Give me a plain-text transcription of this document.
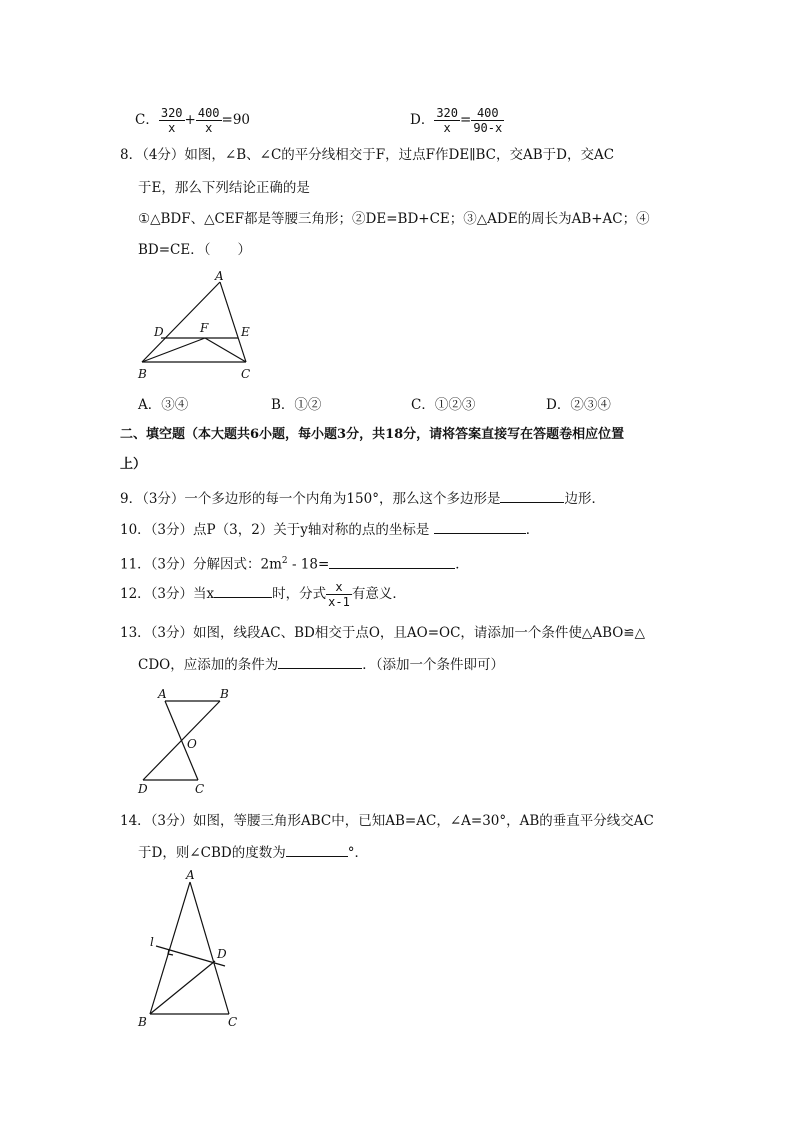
C． $\frac{320}{x} + \frac{400}{x} =90$	D． $\frac{320}{x} = \frac{400}{90-x}$
8．（4分）如图，∠B、∠C的平分线相交于F，过点F作DE∥BC，交AB于D，交AC
于E，那么下列结论正确的是
①△BDF、△CEF都是等腰三角形；②DE=BD+CE；③△ADE的周长为AB+AC；④
BD=CE．（　　）
A
D	F	E
B	C
A．③④	B．①②	C．①②③	D．②③④
二、填空题（本大题共6小题，每小题3分，共18分，请将答案直接写在答题卷相应位置
上）
9．（3分）一个多边形的每一个内角为150°，那么这个多边形是	边形．
10．（3分）点P（3，2）关于y轴对称的点的坐标是	．
11．（3分）分解因式：$2m^2 - 18=$	．
12．（3分）当x	时，分式 $\frac{x}{x-1}$ 有意义．
13．（3分）如图，线段AC、BD相交于点O，且AO=OC，请添加一个条件使△ABO≌△
CDO，应添加的条件为	．（添加一个条件即可）
A	B
O
D	C
14．（3分）如图，等腰三角形ABC中，已知AB=AC，∠A=30°，AB的垂直平分线交AC
于D，则∠CBD的度数为	°．
A
l
D
B	C
